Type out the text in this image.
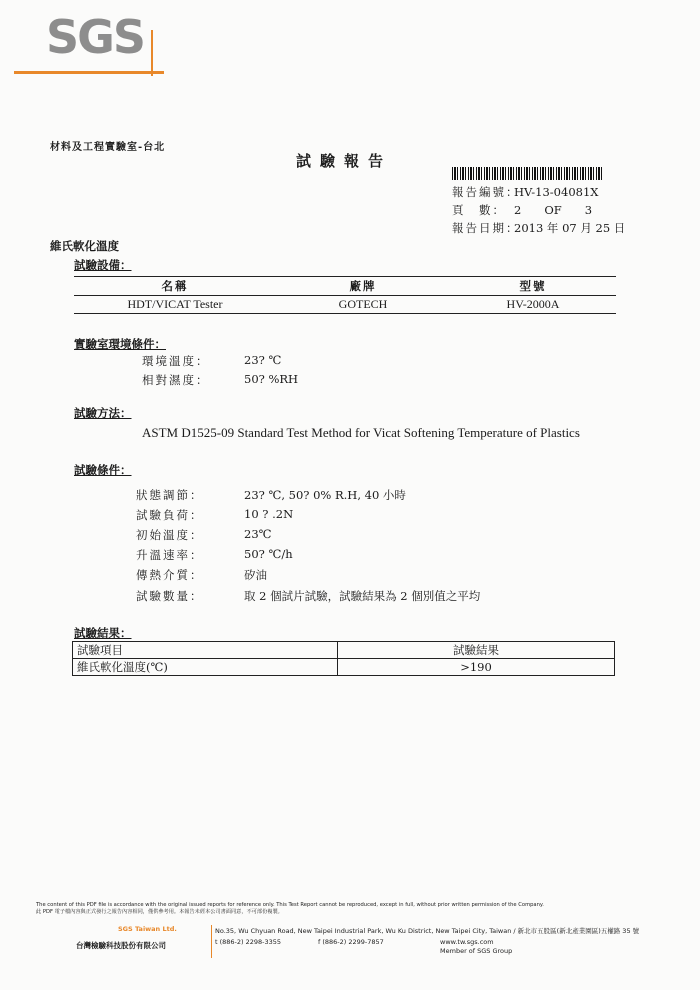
SGS
材料及工程實驗室-台北
試驗報告
報告編號：HV-13-04081X
頁　數： 2　　OF　　3
報告日期：2013 年 07 月 25 日
維氏軟化溫度
試驗設備：
名稱	廠牌	型號
HDT/VICAT Tester	GOTECH	HV-2000A
實驗室環境條件：
環境溫度：	23? ℃
相對濕度：	50? %RH
試驗方法：
ASTM D1525-09 Standard Test Method for Vicat Softening Temperature of Plastics
試驗條件：
狀態調節：	23? ℃, 50? 0% R.H, 40 小時
試驗負荷：	10 ? .2N
初始溫度：	23℃
升溫速率：	50? ℃/h
傳熱介質：	矽油
試驗數量：	取 2 個試片試驗，試驗結果為 2 個別值之平均
試驗結果：
試驗項目	試驗結果
維氏軟化溫度(℃)	>190
The content of this PDF file is accordance with the original issued reports for reference only. This Test Report cannot be reproduced, except in full, without prior written permission of the Company.
此 PDF 電子檔內容與正式發行之報告內容相同，僅供參考用。本報告未經本公司書面同意，不可部份複製。
SGS Taiwan Ltd.
台灣檢驗科技股份有限公司
No.35, Wu Chyuan Road, New Taipei Industrial Park, Wu Ku District, New Taipei City, Taiwan / 新北市五股區(新北產業園區)五權路 35 號
t (886-2) 2298-3355	f (886-2) 2299-7857	www.tw.sgs.com
Member of SGS Group
